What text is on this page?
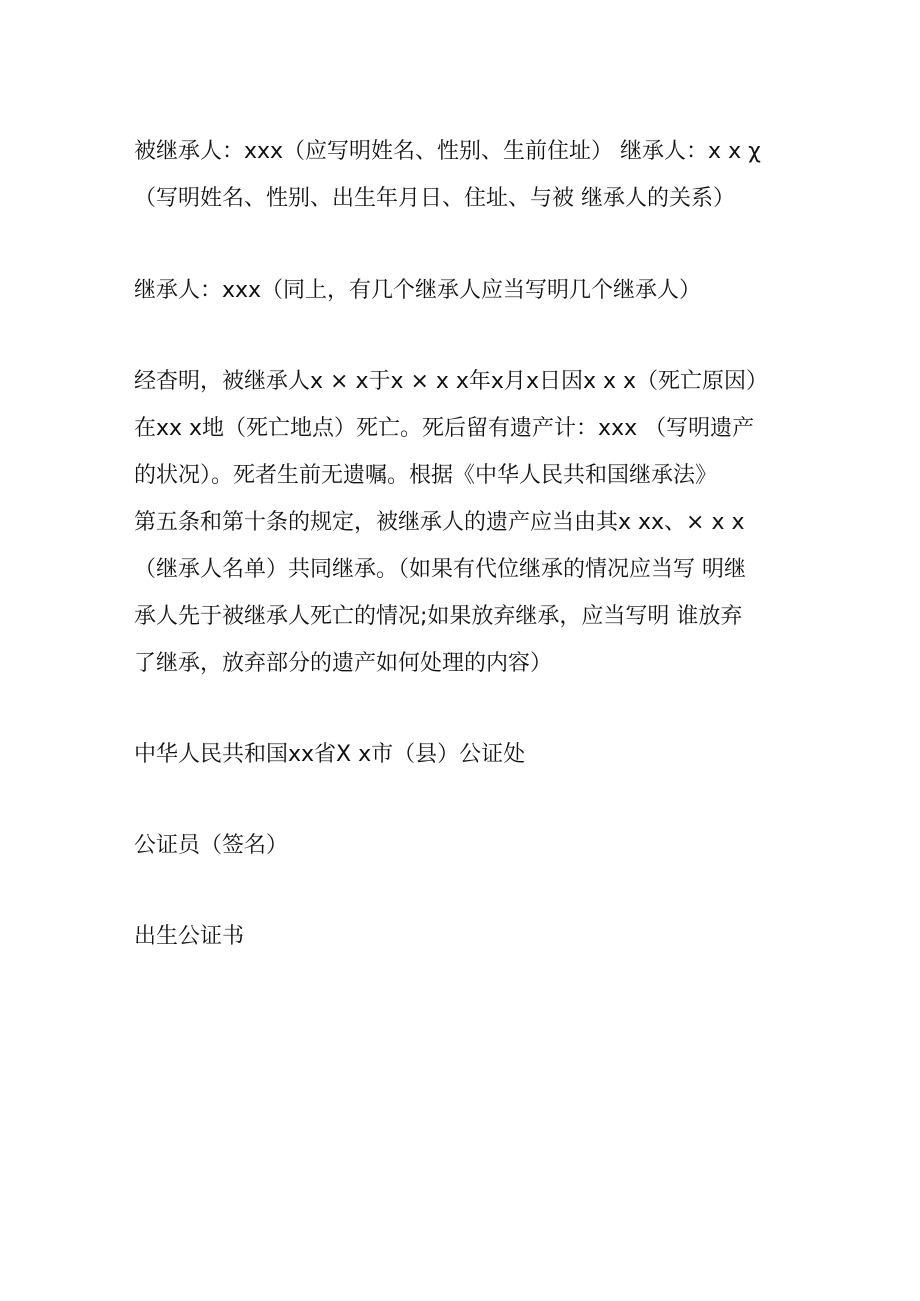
被继承人：xxx（应写明姓名、性别、生前住址） 继承人：x x χ
（写明姓名、性别、出生年月日、住址、与被 继承人的关系）

继承人：xxx（同上，有几个继承人应当写明几个继承人）

经杳明，被继承人x × x于x × x x年x月x日因x x x（死亡原因）
在xx x地（死亡地点）死亡。死后留有遗产计：xxx （写明遗产
的状况）。死者生前无遗嘱。根据《中华人民共和国继承法》
第五条和第十条的规定，被继承人的遗产应当由其x xx、× x x
（继承人名单）共同继承。（如果有代位继承的情况应当写 明继
承人先于被继承人死亡的情况;如果放弃继承，应当写明 谁放弃
了继承，放弃部分的遗产如何处理的内容）

中华人民共和国xx省X x市（县）公证处

公证员（签名）

出生公证书
